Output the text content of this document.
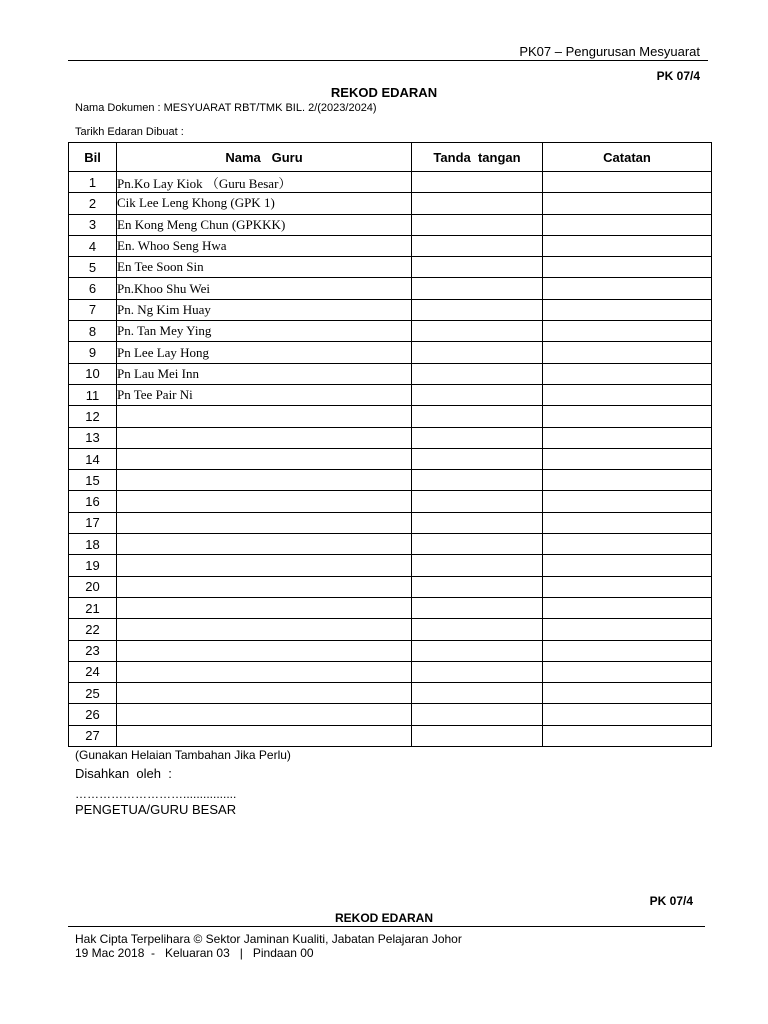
PK07 – Pengurusan Mesyuarat
PK 07/4
REKOD EDARAN
Nama Dokumen : MESYUARAT RBT/TMK BIL. 2/(2023/2024)
Tarikh Edaran Dibuat :
Bil	Nama   Guru	Tanda  tangan	Catatan
1	Pn.Ko Lay Kiok （Guru Besar）		
2	Cik Lee Leng Khong (GPK 1)		
3	En Kong Meng Chun (GPKKK)		
4	En. Whoo Seng Hwa		
5	En Tee Soon Sin		
6	Pn.Khoo Shu Wei		
7	Pn. Ng Kim Huay		
8	Pn. Tan Mey Ying		
9	Pn Lee Lay Hong		
10	Pn Lau Mei Inn		
11	Pn Tee Pair Ni		
12			
13			
14			
15			
16			
17			
18			
19			
20			
21			
22			
23			
24			
25			
26			
27			
(Gunakan Helaian Tambahan Jika Perlu)
Disahkan  oleh  :
………………………................
PENGETUA/GURU BESAR
PK 07/4
REKOD EDARAN
Hak Cipta Terpelihara © Sektor Jaminan Kualiti, Jabatan Pelajaran Johor
19 Mac 2018  -   Keluaran 03   |   Pindaan 00
